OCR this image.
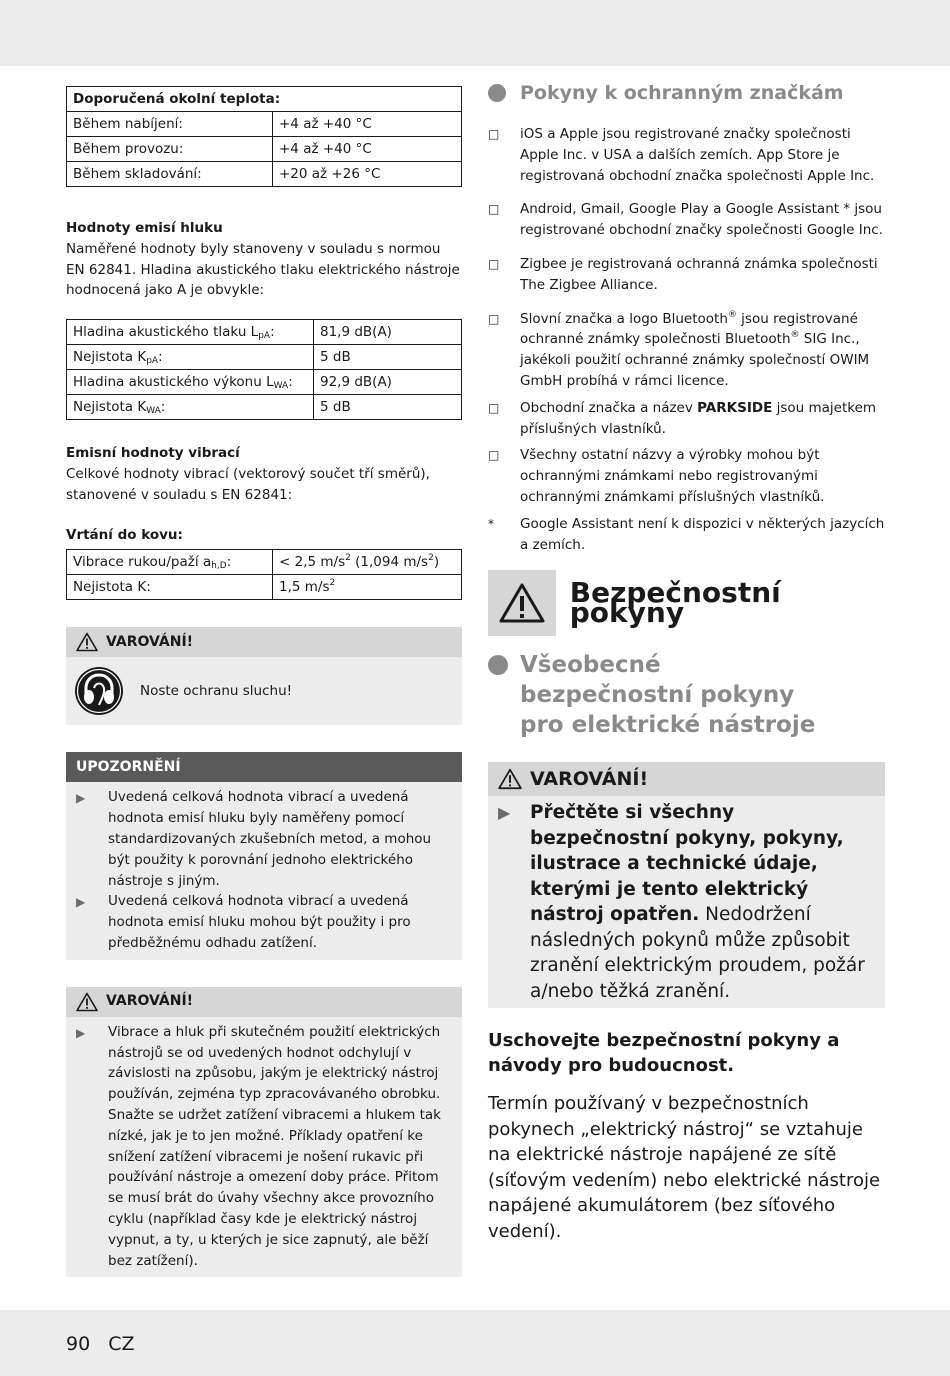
Doporučená okolní teplota:	
Během nabíjení:	+4 až +40 °C
Během provozu:	+4 až +40 °C
Během skladování:	+20 až +26 °C
Hodnoty emisí hluku

Naměřené hodnoty byly stanoveny v souladu s normou EN 62841. Hladina akustického tlaku elektrického nástroje hodnocená jako A je obvykle:

Hladina akustického tlaku $L_{pA}$:	81,9 dB(A)
Nejistota $K_{pA}$:	5 dB
Hladina akustického výkonu $L_{WA}$:	92,9 dB(A)
Nejistota $K_{WA}$:	5 dB
Emisní hodnoty vibrací

Celkové hodnoty vibrací (vektorový součet tří směrů), stanovené v souladu s EN 62841:

Vrtání do kovu:
Vibrace rukou/paží $a_{h,D}$:	< 2,5 $m/s^2$ (1,094 $m/s^2$)
Nejistota K:	1,5 $m/s^2$
VAROVÁNÍ!
Noste ochranu sluchu!
UPOZORNĚNÍ
▶	Uvedená celková hodnota vibrací a uvedená hodnota emisí hluku byly naměřeny pomocí standardizovaných zkušebních metod, a mohou být použity k porovnání jednoho elektrického nástroje s jiným.
▶	Uvedená celková hodnota vibrací a uvedená hodnota emisí hluku mohou být použity i pro předběžnému odhadu zatížení.
VAROVÁNÍ!
▶	Vibrace a hluk při skutečném použití elektrických nástrojů se od uvedených hodnot odchylují v závislosti na způsobu, jakým je elektrický nástroj používán, zejména typ zpracovávaného obrobku.
Snažte se udržet zatížení vibracemi a hlukem tak nízké, jak je to jen možné. Příklady opatření ke snížení zatížení vibracemi je nošení rukavic při používání nástroje a omezení doby práce. Přitom se musí brát do úvahy všechny akce provozního cyklu (například časy kde je elektrický nástroj vypnut, a ty, u kterých je sice zapnutý, ale běží bez zatížení).
Pokyny k ochranným značkám
□	iOS a Apple jsou registrované značky společnosti Apple Inc. v USA a dalších zemích. App Store je registrovaná obchodní značka společnosti Apple Inc.
□	Android, Gmail, Google Play a Google Assistant * jsou registrované obchodní značky společnosti Google Inc.
□	Zigbee je registrovaná ochranná známka společnosti The Zigbee Alliance.
□	Slovní značka a logo Bluetooth® jsou registrované ochranné známky společnosti Bluetooth® SIG Inc., jakékoli použití ochranné známky společností OWIM GmbH probíhá v rámci licence.
□	Obchodní značka a název PARKSIDE jsou majetkem příslušných vlastníků.
□	Všechny ostatní názvy a výrobky mohou být ochrannými známkami nebo registrovanými ochrannými známkami příslušných vlastníků.
*	Google Assistant není k dispozici v některých jazycích a zemích.
Bezpečnostní pokyny
Všeobecné bezpečnostní pokyny pro elektrické nástroje
VAROVÁNÍ!
▶	Přečtěte si všechny bezpečnostní pokyny, pokyny, ilustrace a technické údaje, kterými je tento elektrický nástroj opatřen. Nedodržení následných pokynů může způsobit zranění elektrickým proudem, požár a/nebo těžká zranění.
Uschovejte bezpečnostní pokyny a návody pro budoucnost.

Termín používaný v bezpečnostních pokynech „elektrický nástroj“ se vztahuje na elektrické nástroje napájené ze sítě (síťovým vedením) nebo elektrické nástroje napájené akumulátorem (bez síťového vedení).

90 CZ
